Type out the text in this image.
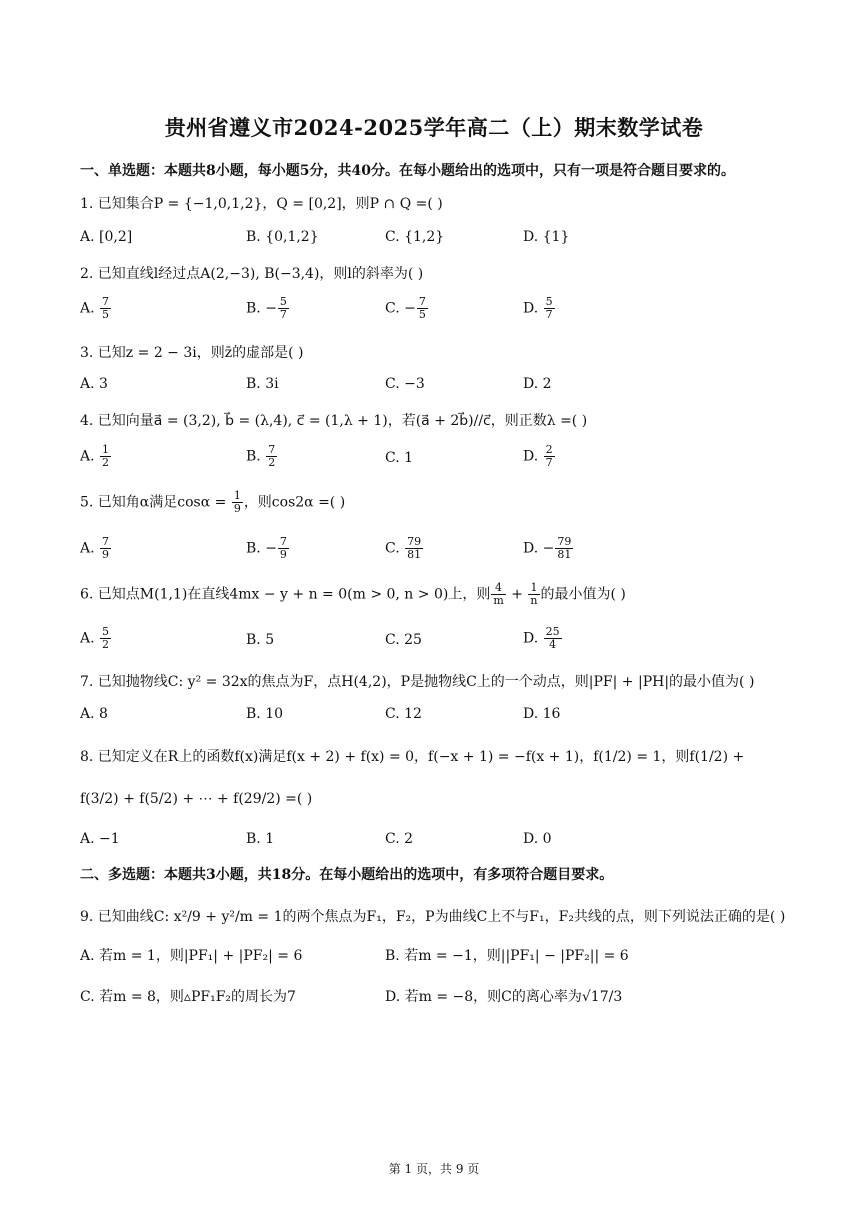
贵州省遵义市2024-2025学年高二（上）期末数学试卷
一、单选题：本题共8小题，每小题5分，共40分。在每小题给出的选项中，只有一项是符合题目要求的。
1. 已知集合P = {−1,0,1,2}，Q = [0,2]，则P ∩ Q =( )
A. [0,2]	B. {0,1,2}	C. {1,2}	D. {1}
2. 已知直线l经过点A(2,−3), B(−3,4)，则l的斜率为( )
A. $\frac{7}{5}$	B. − $\frac{5}{7}$	C. − $\frac{7}{5}$	D. $\frac{5}{7}$
3. 已知z = 2 − 3i，则z̄的虚部是( )
A. 3	B. 3i	C. −3	D. 2
4. 已知向量a⃗ = (3,2), b⃗ = (λ,4), c⃗ = (1,λ + 1)，若(a⃗ + 2b⃗)//c⃗，则正数λ =( )
A. $\frac{1}{2}$	B. $\frac{7}{2}$	C. 1	D. $\frac{2}{7}$
5. 已知角α满足$\cos\alpha = \frac{1}{9}$ ，则cos2α =( )
A. $\frac{7}{9}$	B. − $\frac{7}{9}$	C. $\frac{79}{81}$	D. − $\frac{79}{81}$
6. 已知点M(1,1)在直线4mx − y + n = 0(m > 0, n > 0)上，则 $\frac{4}{m} + \frac{1}{n}$ 的最小值为( )
A. $\frac{5}{2}$	B. 5	C. 25	D. $\frac{25}{4}$
7. 已知抛物线C: y² = 32x的焦点为F，点H(4,2)，P是抛物线C上的一个动点，则|PF| + |PH|的最小值为( )
A. 8	B. 10	C. 12	D. 16
8. 已知定义在R上的函数f(x)满足f(x + 2) + f(x) = 0，f(−x + 1) = −f(x + 1)，f(1/2) = 1，则f(1/2) +
f(3/2) + f(5/2) + ⋯ + f(29/2) =( )
A. −1	B. 1	C. 2	D. 0
二、多选题：本题共3小题，共18分。在每小题给出的选项中，有多项符合题目要求。
9. 已知曲线C: x²/9 + y²/m = 1的两个焦点为F₁，F₂，P为曲线C上不与F₁，F₂共线的点，则下列说法正确的是( )
A. 若m = 1，则|PF₁| + |PF₂| = 6	B. 若m = −1，则||PF₁| − |PF₂|| = 6
C. 若m = 8，则▵PF₁F₂的周长为7	D. 若m = −8，则C的离心率为√17/3
第 1 页，共 9 页
